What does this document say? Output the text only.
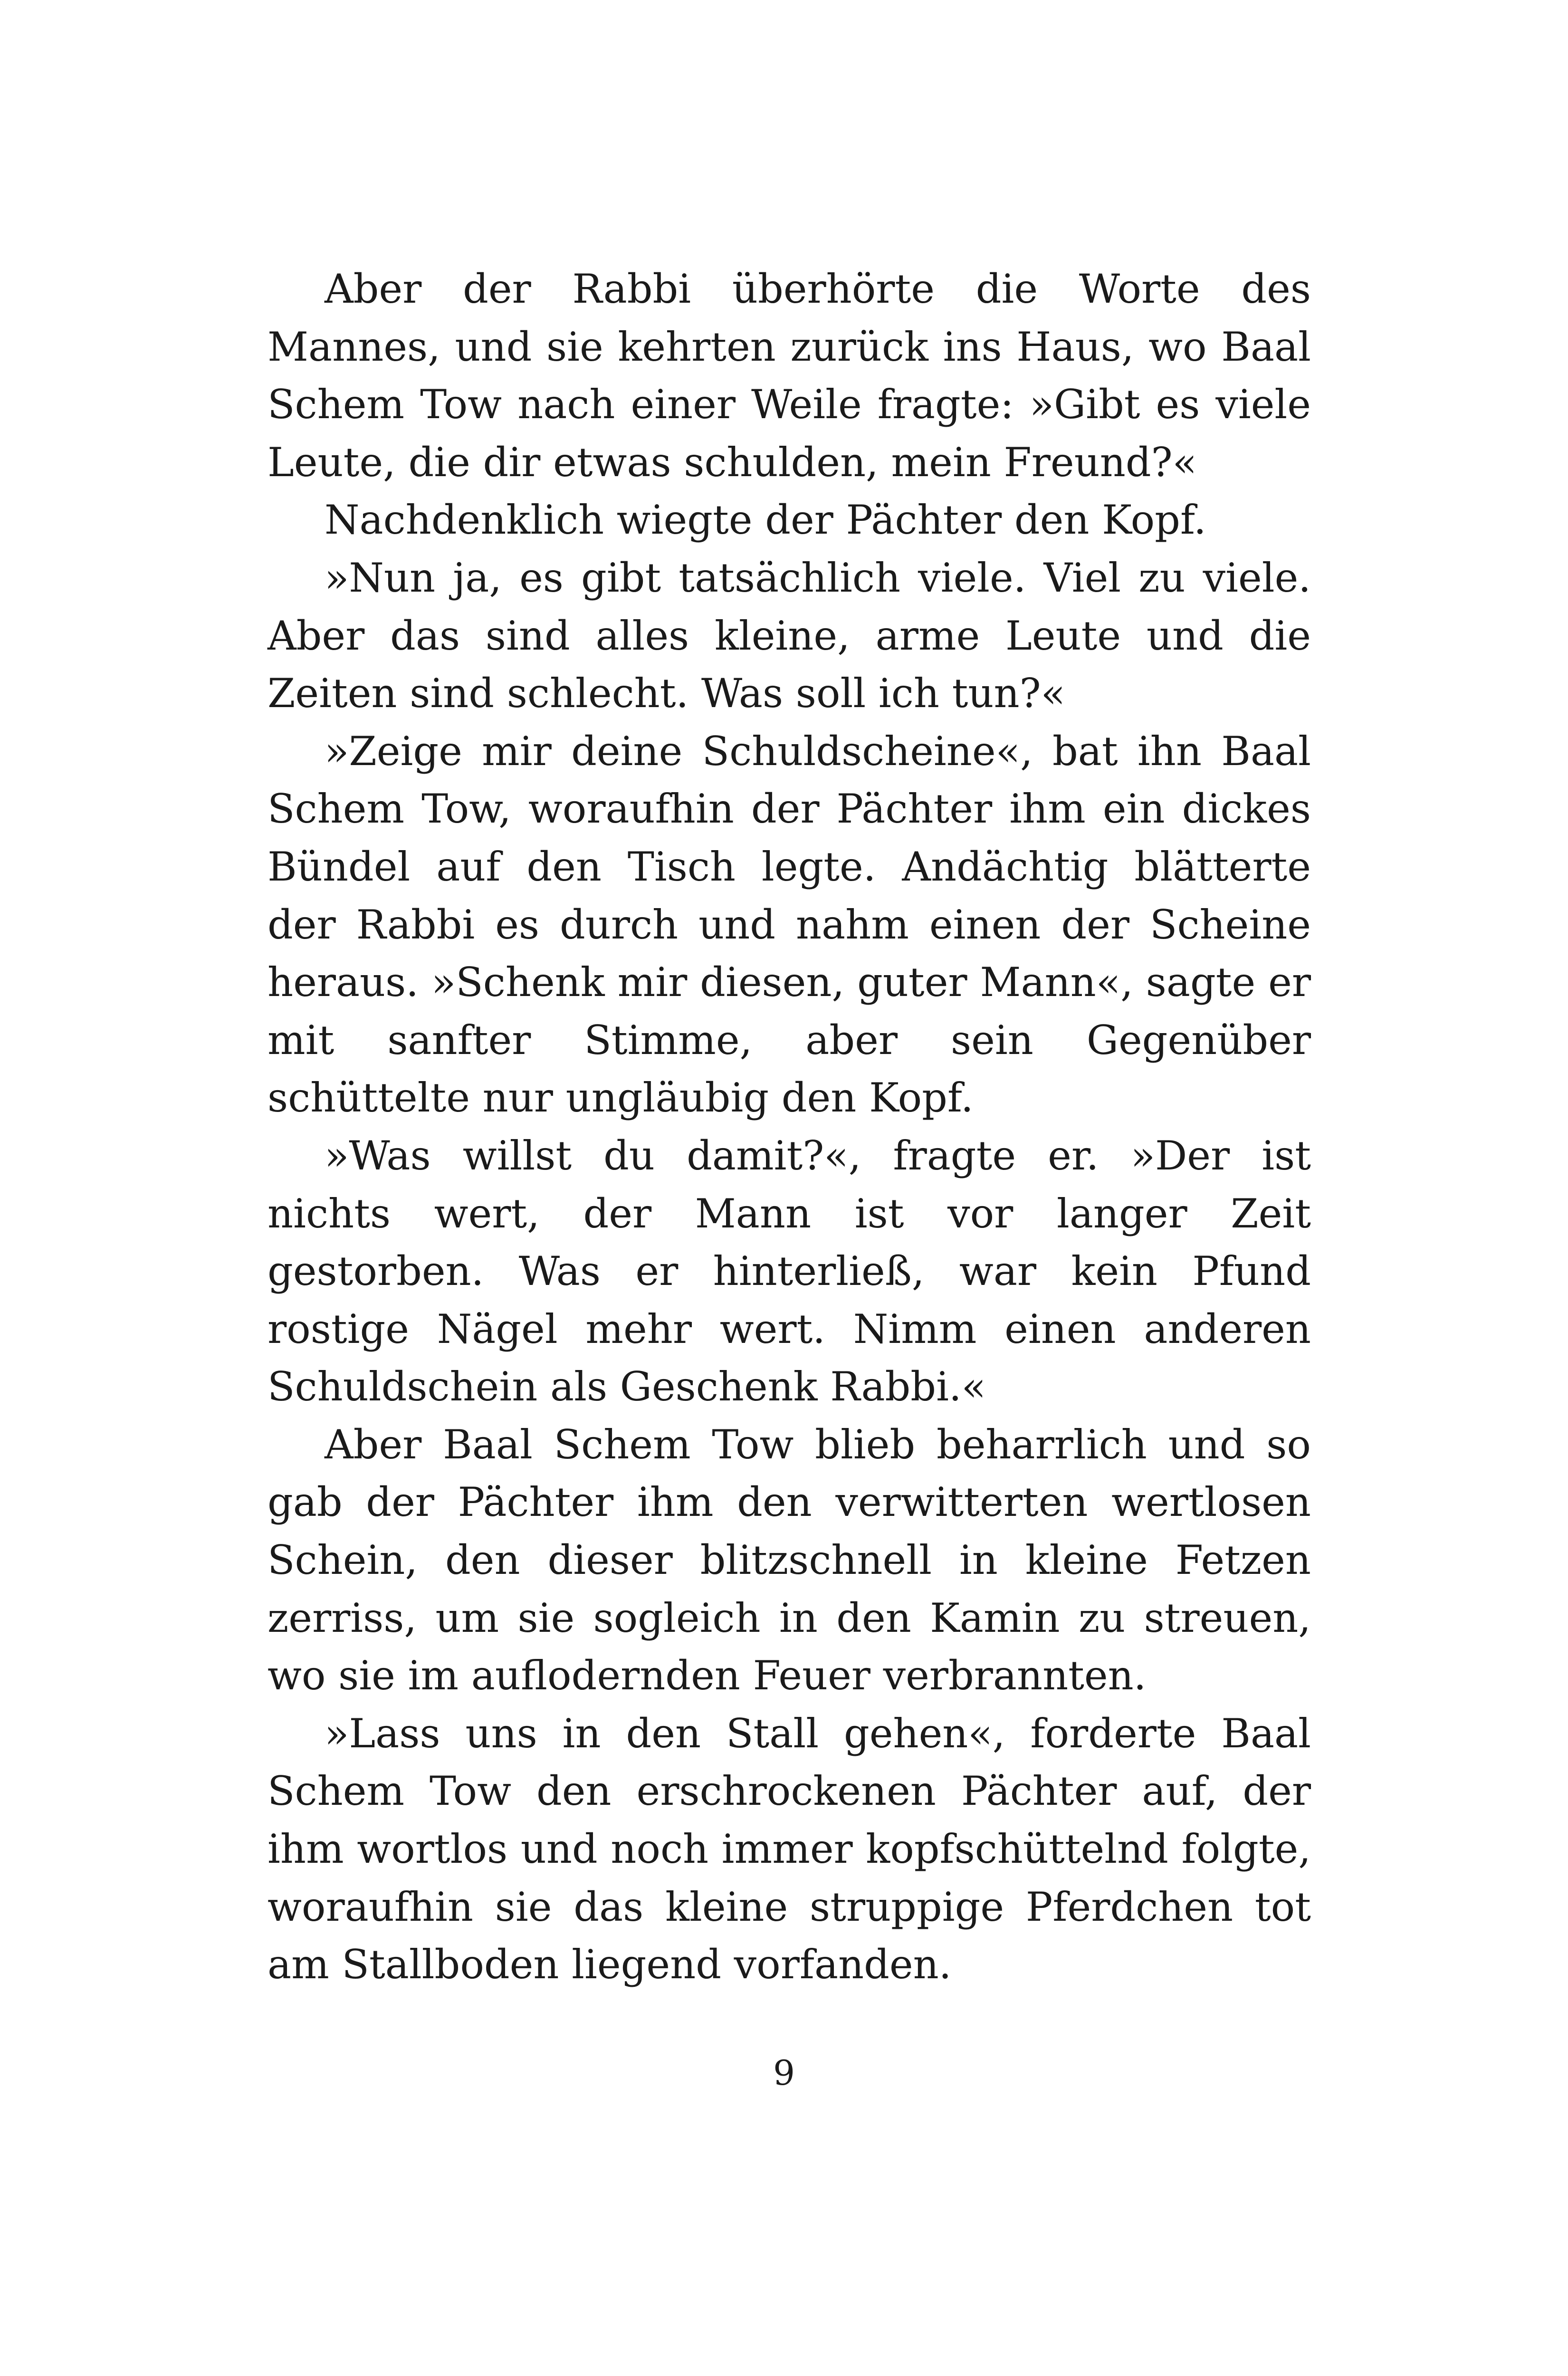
Aber der Rabbi überhörte die Worte des Mannes, und sie kehrten zurück ins Haus, wo Baal Schem Tow nach einer Weile fragte: »Gibt es viele Leute, die dir etwas schulden, mein Freund?«

Nachdenklich wiegte der Pächter den Kopf.

»Nun ja, es gibt tatsächlich viele. Viel zu viele. Aber das sind alles kleine, arme Leute und die Zeiten sind schlecht. Was soll ich tun?«

»Zeige mir deine Schuldscheine«, bat ihn Baal Schem Tow, woraufhin der Pächter ihm ein dickes Bündel auf den Tisch legte. Andächtig blätterte der Rabbi es durch und nahm einen der Scheine heraus. »Schenk mir diesen, guter Mann«, sagte er mit sanfter Stimme, aber sein Gegenüber schüttelte nur ungläubig den Kopf.

»Was willst du damit?«, fragte er. »Der ist nichts wert, der Mann ist vor langer Zeit gestorben. Was er hinterließ, war kein Pfund rostige Nägel mehr wert. Nimm einen anderen Schuldschein als Geschenk Rabbi.«

Aber Baal Schem Tow blieb beharrlich und so gab der Pächter ihm den verwitterten wertlosen Schein, den dieser blitzschnell in kleine Fetzen zerriss, um sie sogleich in den Kamin zu streuen, wo sie im auflodernden Feuer verbrannten.

»Lass uns in den Stall gehen«, forderte Baal Schem Tow den erschrockenen Pächter auf, der ihm wortlos und noch immer kopfschüttelnd folgte, woraufhin sie das kleine struppige Pferdchen tot am Stallboden liegend vorfanden.

9
